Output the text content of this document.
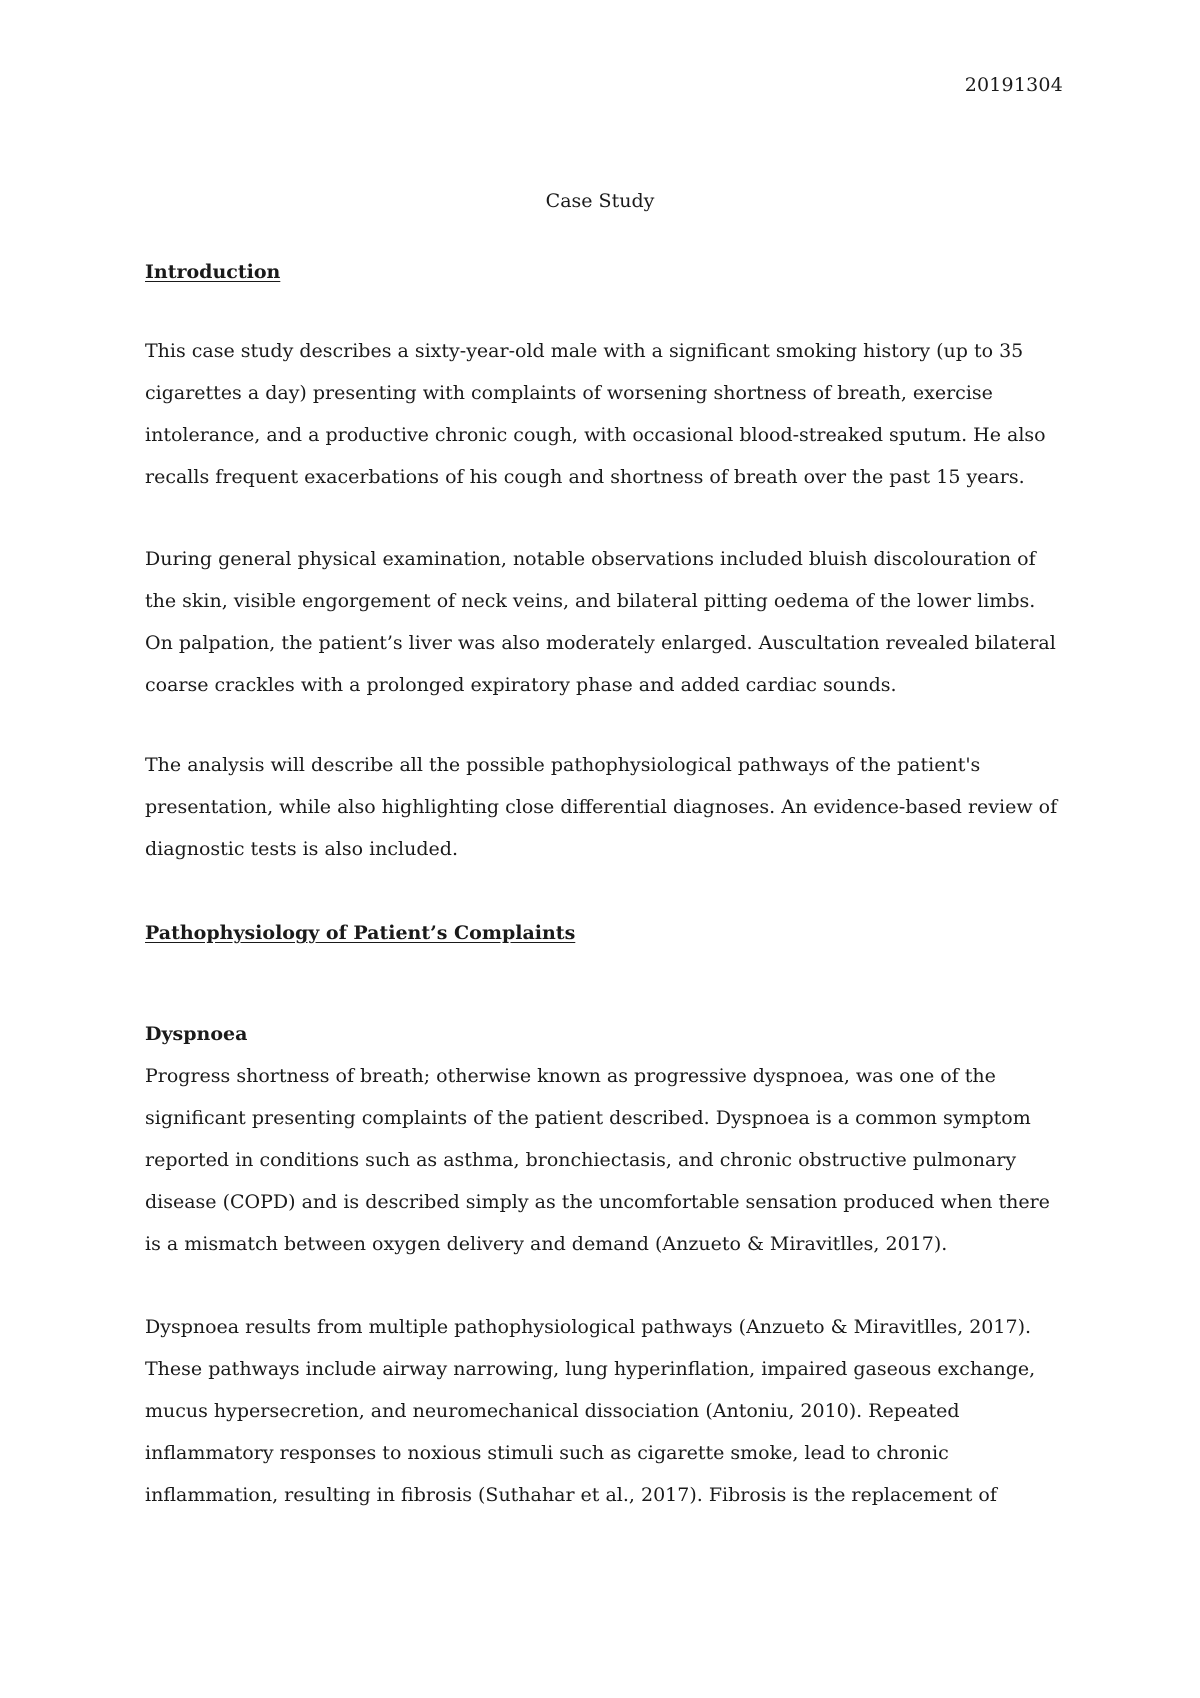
20191304
Case Study

Introduction

This case study describes a sixty-year-old male with a significant smoking history (up to 35 cigarettes a day) presenting with complaints of worsening shortness of breath, exercise intolerance, and a productive chronic cough, with occasional blood-streaked sputum. He also recalls frequent exacerbations of his cough and shortness of breath over the past 15 years.

During general physical examination, notable observations included bluish discolouration of the skin, visible engorgement of neck veins, and bilateral pitting oedema of the lower limbs. On palpation, the patient’s liver was also moderately enlarged. Auscultation revealed bilateral coarse crackles with a prolonged expiratory phase and added cardiac sounds.

The analysis will describe all the possible pathophysiological pathways of the patient's presentation, while also highlighting close differential diagnoses. An evidence-based review of diagnostic tests is also included.

Pathophysiology of Patient’s Complaints

Dyspnoea

Progress shortness of breath; otherwise known as progressive dyspnoea, was one of the significant presenting complaints of the patient described. Dyspnoea is a common symptom reported in conditions such as asthma, bronchiectasis, and chronic obstructive pulmonary disease (COPD) and is described simply as the uncomfortable sensation produced when there is a mismatch between oxygen delivery and demand (Anzueto & Miravitlles, 2017).

Dyspnoea results from multiple pathophysiological pathways (Anzueto & Miravitlles, 2017). These pathways include airway narrowing, lung hyperinflation, impaired gaseous exchange, mucus hypersecretion, and neuromechanical dissociation (Antoniu, 2010). Repeated inflammatory responses to noxious stimuli such as cigarette smoke, lead to chronic inflammation, resulting in fibrosis (Suthahar et al., 2017). Fibrosis is the replacement of
